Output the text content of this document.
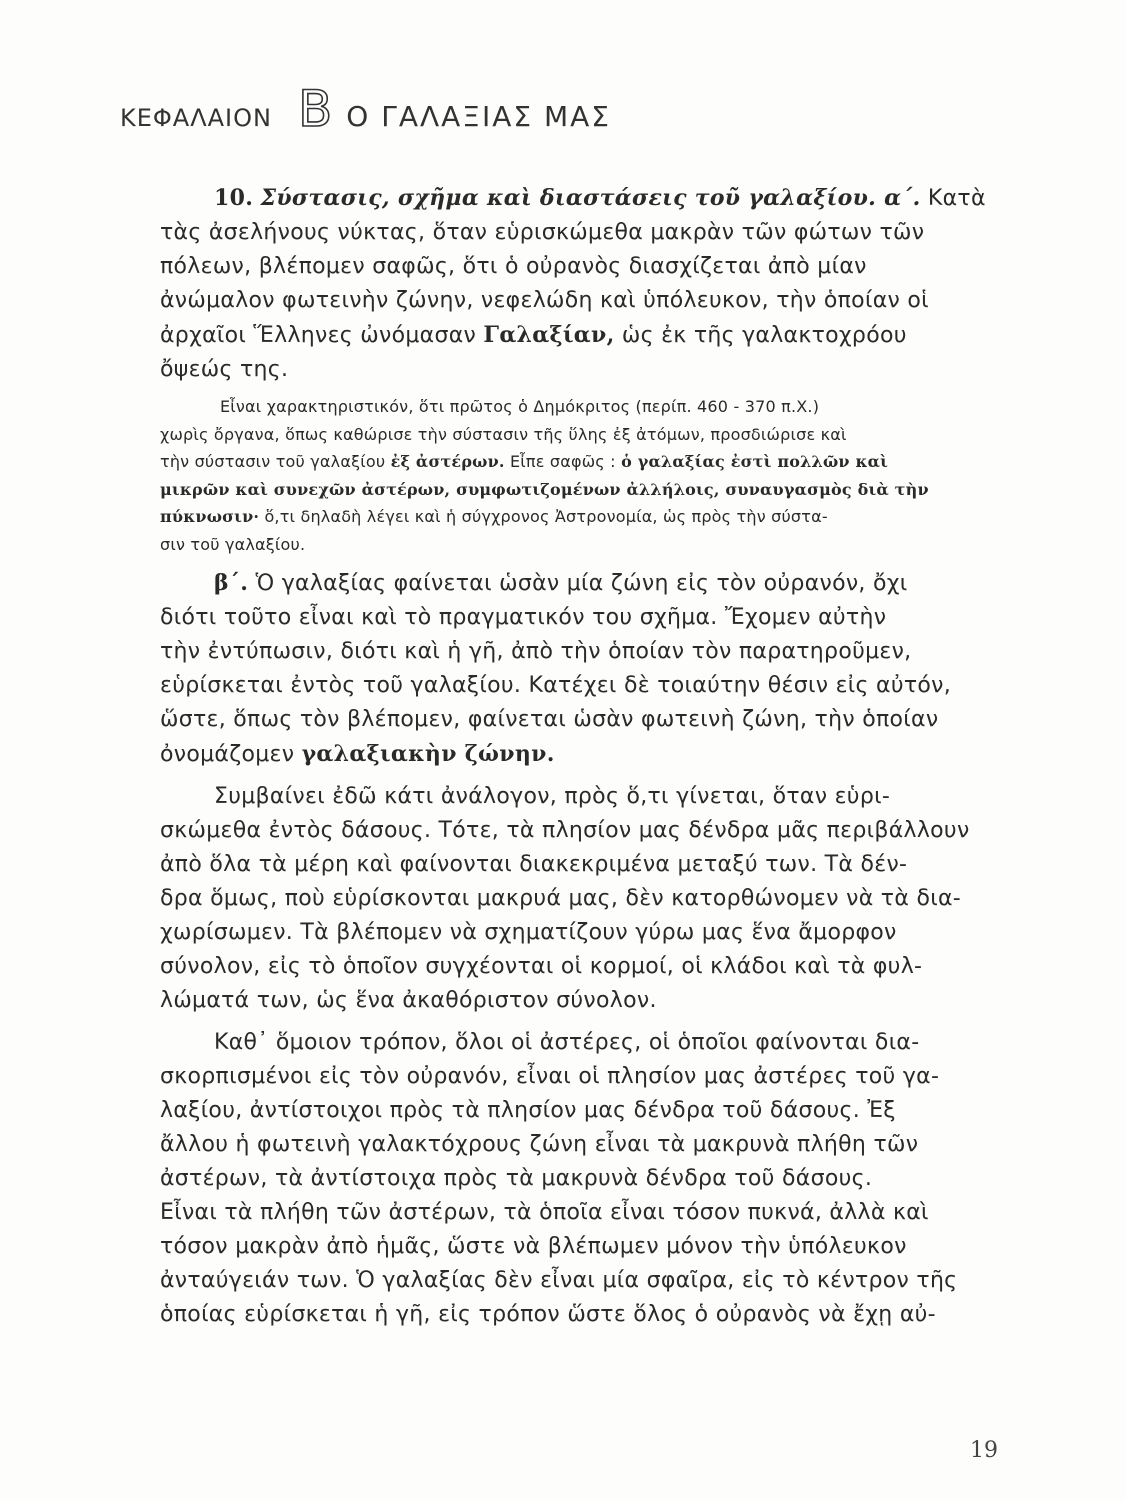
ΚΕΦΑΛΑΙΟΝ Β Ο ΓΑΛΑΞΙΑΣ ΜΑΣ
10. Σύστασις, σχῆμα καὶ διαστάσεις τοῦ γαλαξίου. α΄. Κατὰ
τὰς ἀσελήνους νύκτας, ὅταν εὑρισκώμεθα μακρὰν τῶν φώτων τῶν
πόλεων, βλέπομεν σαφῶς, ὅτι ὁ οὐρανὸς διασχίζεται ἀπὸ μίαν
ἀνώμαλον φωτεινὴν ζώνην, νεφελώδη καὶ ὑπόλευκον, τὴν ὁποίαν οἱ
ἀρχαῖοι Ἕλληνες ὠνόμασαν Γαλαξίαν, ὡς ἐκ τῆς γαλακτοχρόου
ὄψεώς της.
Εἶναι χαρακτηριστικόν, ὅτι πρῶτος ὁ Δημόκριτος (περίπ. 460 - 370 π.Χ.)
χωρὶς ὄργανα, ὅπως καθώρισε τὴν σύστασιν τῆς ὕλης ἐξ ἀτόμων, προσδιώρισε καὶ
τὴν σύστασιν τοῦ γαλαξίου ἐξ ἀστέρων. Εἶπε σαφῶς : ὁ γαλαξίας ἐστὶ πολλῶν καὶ
μικρῶν καὶ συνεχῶν ἀστέρων, συμφωτιζομένων ἀλλήλοις, συναυγασμὸς διὰ τὴν
πύκνωσιν· ὅ,τι δηλαδὴ λέγει καὶ ἡ σύγχρονος Ἀστρονομία, ὡς πρὸς τὴν σύστα-
σιν τοῦ γαλαξίου.
β΄. Ὁ γαλαξίας φαίνεται ὡσὰν μία ζώνη εἰς τὸν οὐρανόν, ὄχι
διότι τοῦτο εἶναι καὶ τὸ πραγματικόν του σχῆμα. Ἔχομεν αὐτὴν
τὴν ἐντύπωσιν, διότι καὶ ἡ γῆ, ἀπὸ τὴν ὁποίαν τὸν παρατηροῦμεν,
εὑρίσκεται ἐντὸς τοῦ γαλαξίου. Κατέχει δὲ τοιαύτην θέσιν εἰς αὐτόν,
ὥστε, ὅπως τὸν βλέπομεν, φαίνεται ὡσὰν φωτεινὴ ζώνη, τὴν ὁποίαν
ὀνομάζομεν γαλαξιακὴν ζώνην.
Συμβαίνει ἐδῶ κάτι ἀνάλογον, πρὸς ὅ,τι γίνεται, ὅταν εὑρι-
σκώμεθα ἐντὸς δάσους. Τότε, τὰ πλησίον μας δένδρα μᾶς περιβάλλουν
ἀπὸ ὅλα τὰ μέρη καὶ φαίνονται διακεκριμένα μεταξύ των. Τὰ δέν-
δρα ὅμως, ποὺ εὑρίσκονται μακρυά μας, δὲν κατορθώνομεν νὰ τὰ δια-
χωρίσωμεν. Τὰ βλέπομεν νὰ σχηματίζουν γύρω μας ἕνα ἄμορφον
σύνολον, εἰς τὸ ὁποῖον συγχέονται οἱ κορμοί, οἱ κλάδοι καὶ τὰ φυλ-
λώματά των, ὡς ἕνα ἀκαθόριστον σύνολον.
Καθ᾽ ὅμοιον τρόπον, ὅλοι οἱ ἀστέρες, οἱ ὁποῖοι φαίνονται δια-
σκορπισμένοι εἰς τὸν οὐρανόν, εἶναι οἱ πλησίον μας ἀστέρες τοῦ γα-
λαξίου, ἀντίστοιχοι πρὸς τὰ πλησίον μας δένδρα τοῦ δάσους. Ἐξ
ἄλλου ἡ φωτεινὴ γαλακτόχρους ζώνη εἶναι τὰ μακρυνὰ πλήθη τῶν
ἀστέρων, τὰ ἀντίστοιχα πρὸς τὰ μακρυνὰ δένδρα τοῦ δάσους.
Εἶναι τὰ πλήθη τῶν ἀστέρων, τὰ ὁποῖα εἶναι τόσον πυκνά, ἀλλὰ καὶ
τόσον μακρὰν ἀπὸ ἡμᾶς, ὥστε νὰ βλέπωμεν μόνον τὴν ὑπόλευκον
ἀνταύγειάν των. Ὁ γαλαξίας δὲν εἶναι μία σφαῖρα, εἰς τὸ κέντρον τῆς
ὁποίας εὑρίσκεται ἡ γῆ, εἰς τρόπον ὥστε ὅλος ὁ οὐρανὸς νὰ ἔχῃ αὐ-
19
